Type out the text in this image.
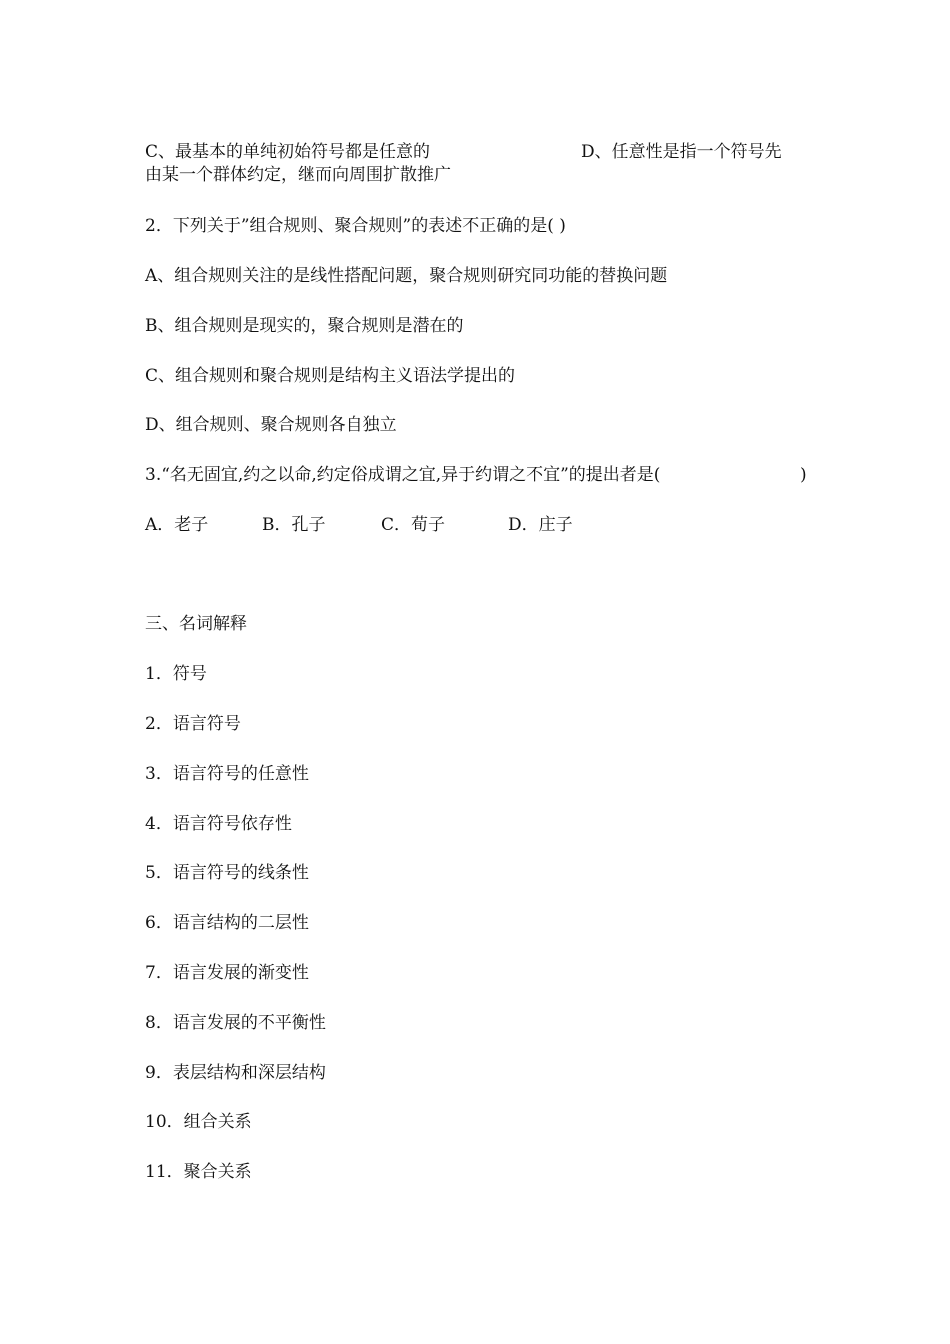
C、最基本的单纯初始符号都是任意的	D、任意性是指一个符号先
由某一个群体约定，继而向周围扩散推广
2．下列关于”组合规则、聚合规则”的表述不正确的是( )
A、组合规则关注的是线性搭配问题，聚合规则研究同功能的替换问题
B、组合规则是现实的，聚合规则是潜在的
C、组合规则和聚合规则是结构主义语法学提出的
D、组合规则、聚合规则各自独立
3.“名无固宜,约之以命,约定俗成谓之宜,异于约谓之不宜”的提出者是(	)
A．老子	B．孔子	C．荀子	D．庄子
三、名词解释
1．符号
2．语言符号
3．语言符号的任意性
4．语言符号依存性
5．语言符号的线条性
6．语言结构的二层性
7．语言发展的渐变性
8．语言发展的不平衡性
9．表层结构和深层结构
10．组合关系
11．聚合关系
